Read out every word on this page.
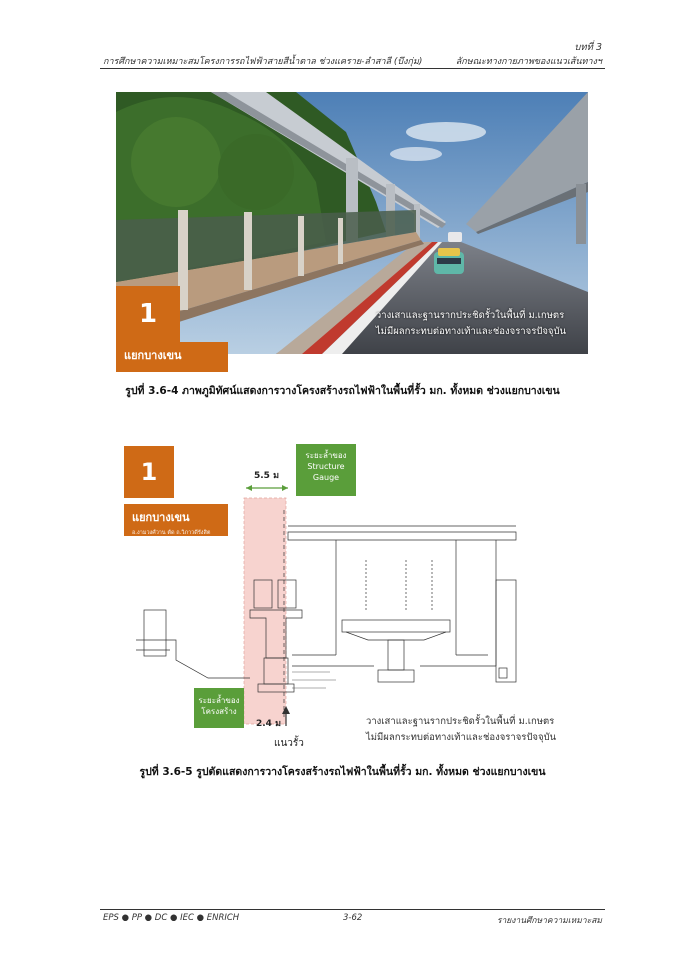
บทที่ 3
การศึกษาความเหมาะสมโครงการรถไฟฟ้าสายสีน้ำตาล ช่วงแคราย-ลำสาลี (บึงกุ่ม)	ลักษณะทางกายภาพของแนวเส้นทางฯ
1
แยกบางเขน
วางเสาและฐานรากประชิดรั้วในพื้นที่ ม.เกษตร
ไม่มีผลกระทบต่อทางเท้าและช่องจราจรปัจจุบัน
รูปที่ 3.6-4 ภาพภูมิทัศน์แสดงการวางโครงสร้างรถไฟฟ้าในพื้นที่รั้ว มก. ทั้งหมด ช่วงแยกบางเขน
1
แยกบางเขน
อ.งามวงศ์วาน ตัด ถ.วิภาวดีรังสิต
5.5 ม
ระยะล้ำของ
Structure
Gauge
ระยะล้ำของ
โครงสร้าง
2.4 ม
แนวรั้ว
วางเสาและฐานรากประชิดรั้วในพื้นที่ ม.เกษตร
ไม่มีผลกระทบต่อทางเท้าและช่องจราจรปัจจุบัน
รูปที่ 3.6-5 รูปตัดแสดงการวางโครงสร้างรถไฟฟ้าในพื้นที่รั้ว มก. ทั้งหมด ช่วงแยกบางเขน
EPS ● PP ● DC ● IEC ● ENRICH	3-62	รายงานศึกษาความเหมาะสม
